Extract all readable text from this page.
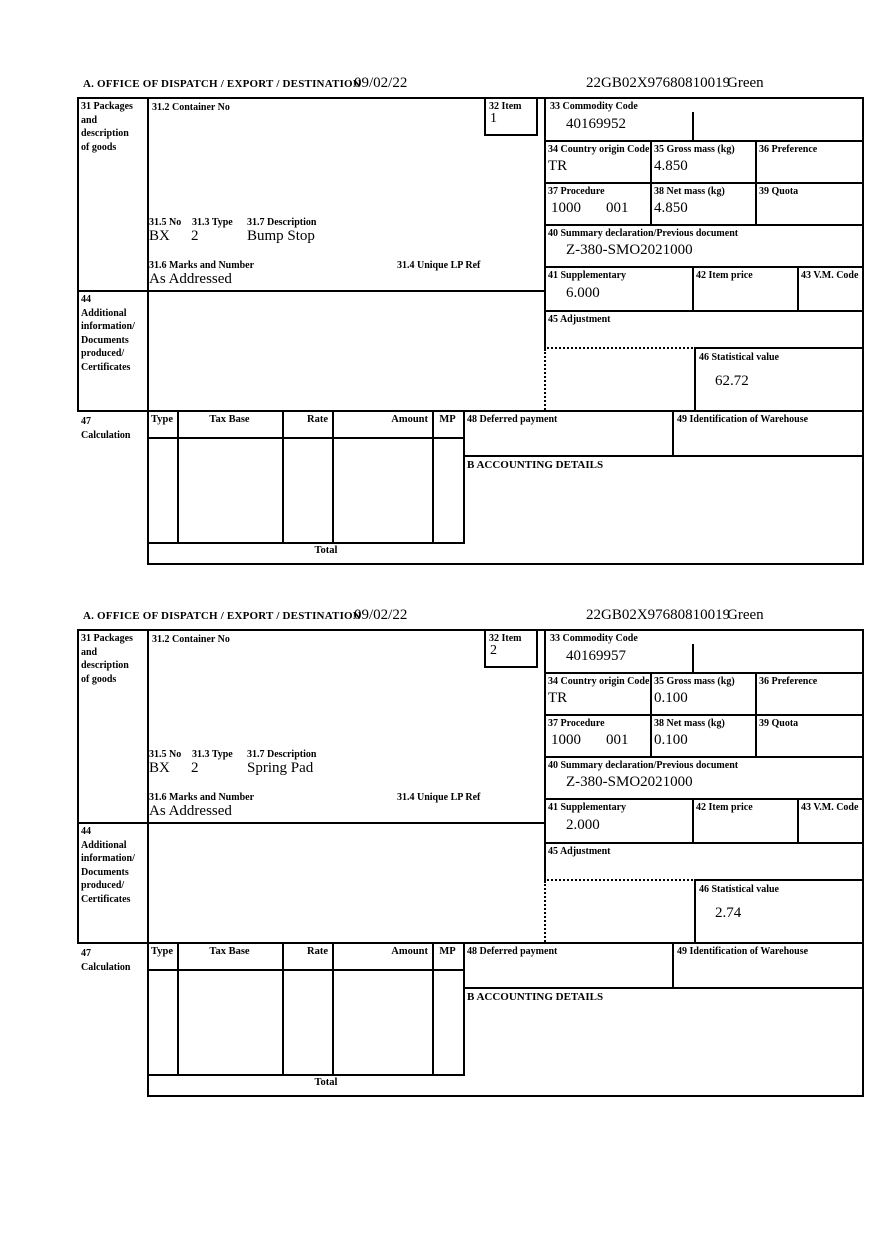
A. OFFICE OF DISPATCH / EXPORT / DESTINATION
09/02/22	22GB02X97680810019
Green
31 Packages
and
description
of goods
44
Additional
information/
Documents
produced/
Certificates
47
Calculation
31.2 Container No	32 Item
1
31.5 No 31.3 Type 31.7 Description
BX 2	Bump Stop
31.6 Marks and Number	31.4 Unique LP Ref
As Addressed
33 Commodity Code
40169952
34 Country origin Code
TR
35 Gross mass (kg)
4.850
36 Preference
37 Procedure
1000 001
38 Net mass (kg)
4.850
39 Quota
40 Summary declaration/Previous document
Z-380-SMO2021000
41 Supplementary
6.000
42 Item price	43 V.M. Code
45 Adjustment
46 Statistical value
62.72
Type	Tax Base	Rate	Amount	MP	48 Deferred payment	49 Identification of Warehouse
B ACCOUNTING DETAILS
Total
A. OFFICE OF DISPATCH / EXPORT / DESTINATION
09/02/22	22GB02X97680810019
Green
31 Packages
and
description
of goods
44
Additional
information/
Documents
produced/
Certificates
47
Calculation
31.2 Container No	32 Item
2
31.5 No 31.3 Type 31.7 Description
BX 2	Spring Pad
31.6 Marks and Number	31.4 Unique LP Ref
As Addressed
33 Commodity Code
40169957
34 Country origin Code
TR
35 Gross mass (kg)
0.100
36 Preference
37 Procedure
1000 001
38 Net mass (kg)
0.100
39 Quota
40 Summary declaration/Previous document
Z-380-SMO2021000
41 Supplementary
2.000
42 Item price	43 V.M. Code
45 Adjustment
46 Statistical value
2.74
Type	Tax Base	Rate	Amount	MP	48 Deferred payment	49 Identification of Warehouse
B ACCOUNTING DETAILS
Total
